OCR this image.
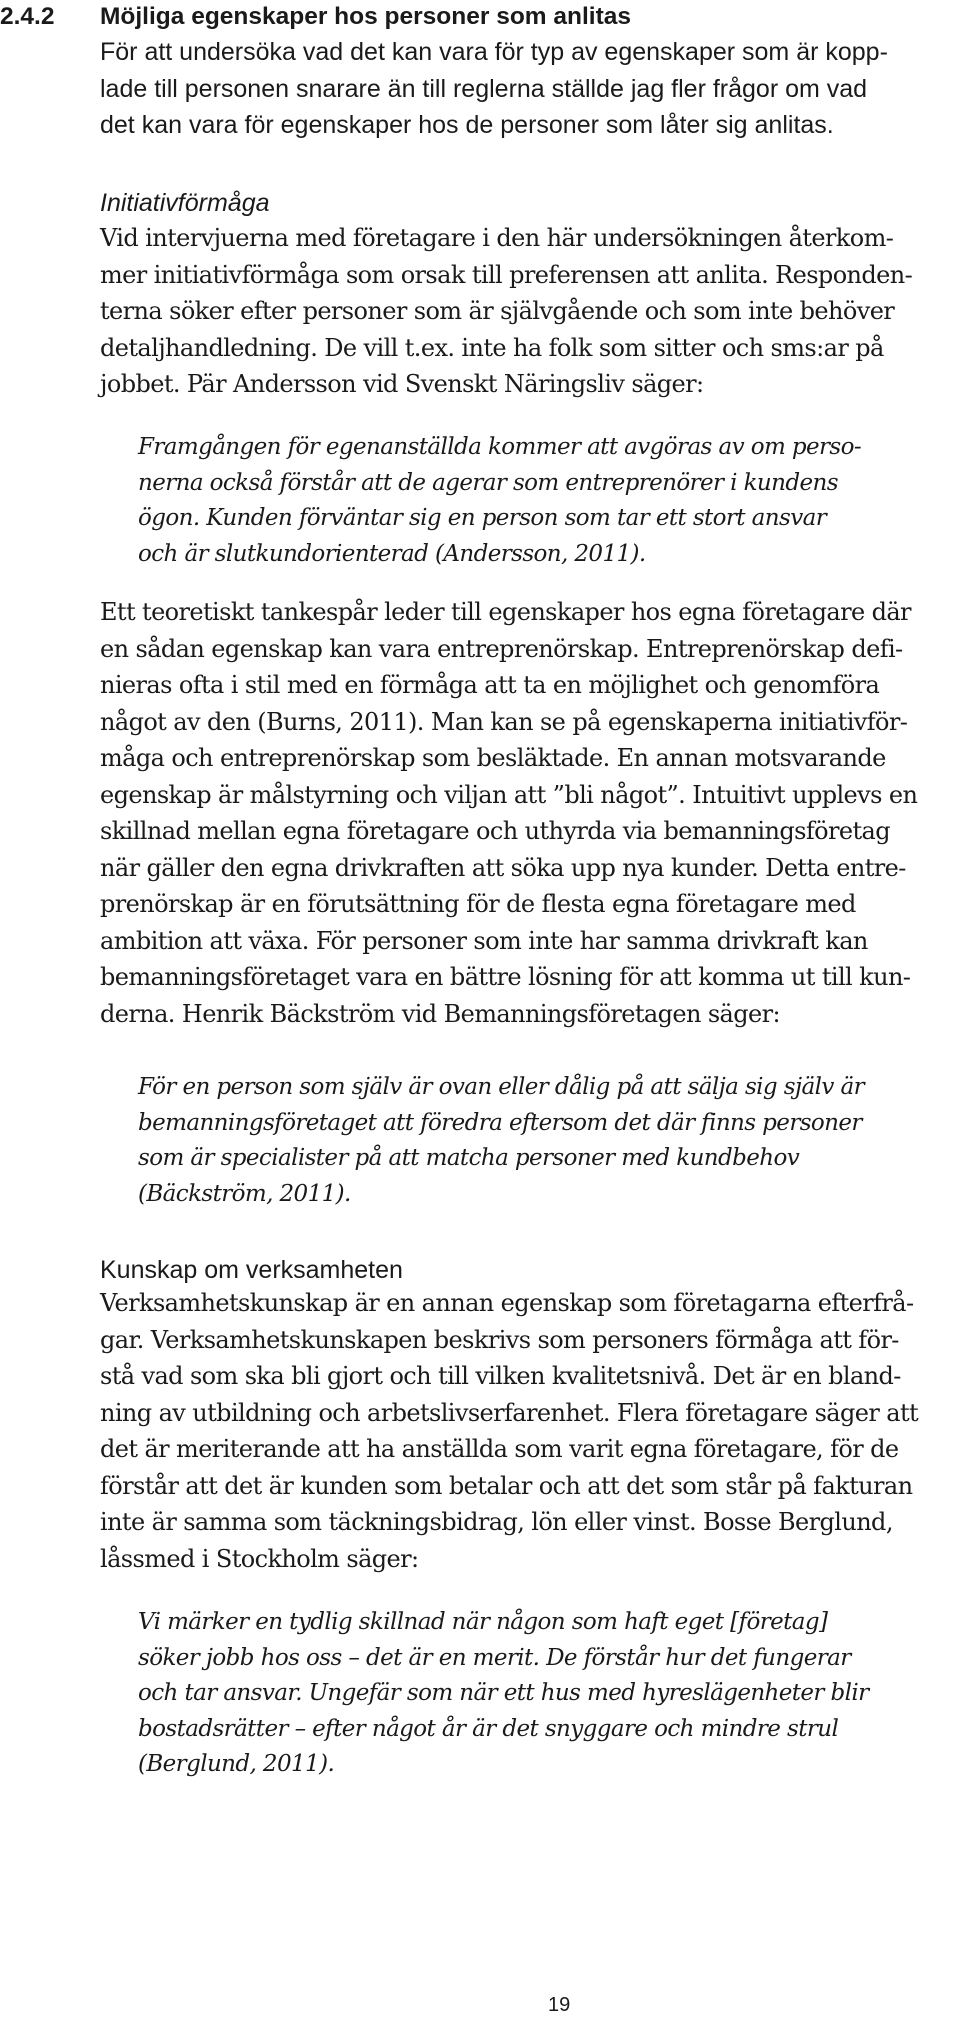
2.4.2 Möjliga egenskaper hos personer som anlitas
För att undersöka vad det kan vara för typ av egenskaper som är kopp-
lade till personen snarare än till reglerna ställde jag fler frågor om vad
det kan vara för egenskaper hos de personer som låter sig anlitas.
Initiativförmåga
Vid intervjuerna med företagare i den här undersökningen återkom-
mer initiativförmåga som orsak till preferensen att anlita. Responden-
terna söker efter personer som är självgående och som inte behöver
detaljhandledning. De vill t.ex. inte ha folk som sitter och sms:ar på
jobbet. Pär Andersson vid Svenskt Näringsliv säger:
Framgången för egenanställda kommer att avgöras av om perso-
nerna också förstår att de agerar som entreprenörer i kundens
ögon. Kunden förväntar sig en person som tar ett stort ansvar
och är slutkundorienterad (Andersson, 2011).
Ett teoretiskt tankespår leder till egenskaper hos egna företagare där
en sådan egenskap kan vara entreprenörskap. Entreprenörskap defi-
nieras ofta i stil med en förmåga att ta en möjlighet och genomföra
något av den (Burns, 2011). Man kan se på egenskaperna initiativför-
måga och entreprenörskap som besläktade. En annan motsvarande
egenskap är målstyrning och viljan att ”bli något”. Intuitivt upplevs en
skillnad mellan egna företagare och uthyrda via bemanningsföretag
när gäller den egna drivkraften att söka upp nya kunder. Detta entre-
prenörskap är en förutsättning för de flesta egna företagare med
ambition att växa. För personer som inte har samma drivkraft kan
bemanningsföretaget vara en bättre lösning för att komma ut till kun-
derna. Henrik Bäckström vid Bemanningsföretagen säger:
För en person som själv är ovan eller dålig på att sälja sig själv är
bemanningsföretaget att föredra eftersom det där finns personer
som är specialister på att matcha personer med kundbehov
(Bäckström, 2011).
Kunskap om verksamheten
Verksamhetskunskap är en annan egenskap som företagarna efterfrå-
gar. Verksamhetskunskapen beskrivs som personers förmåga att för-
stå vad som ska bli gjort och till vilken kvalitetsnivå. Det är en bland-
ning av utbildning och arbetslivserfarenhet. Flera företagare säger att
det är meriterande att ha anställda som varit egna företagare, för de
förstår att det är kunden som betalar och att det som står på fakturan
inte är samma som täckningsbidrag, lön eller vinst. Bosse Berglund,
låssmed i Stockholm säger:
Vi märker en tydlig skillnad när någon som haft eget [företag]
söker jobb hos oss – det är en merit. De förstår hur det fungerar
och tar ansvar. Ungefär som när ett hus med hyreslägenheter blir
bostadsrätter – efter något år är det snyggare och mindre strul
(Berglund, 2011).
19
